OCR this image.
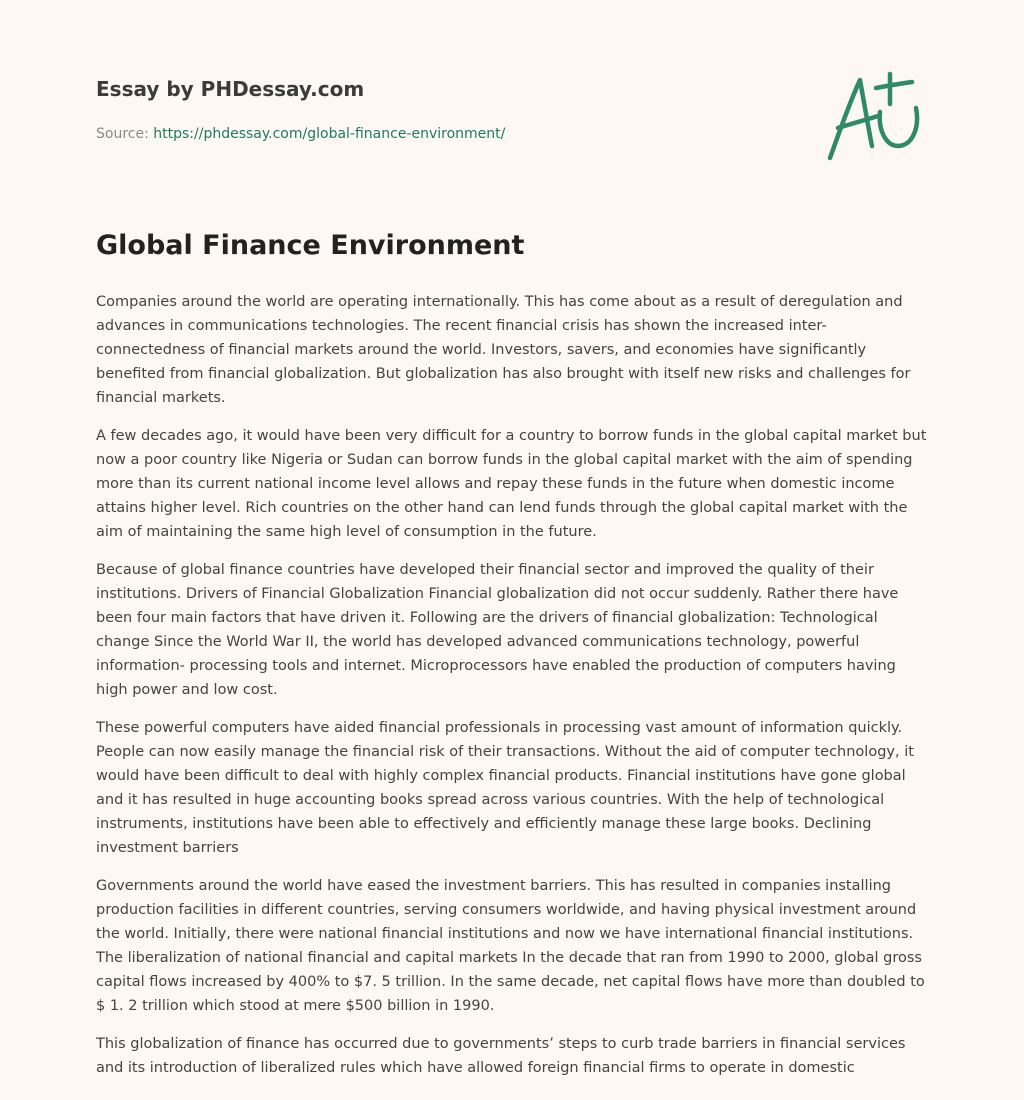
Essay by PHDessay.com
Source: https://phdessay.com/global-finance-environment/
Global Finance Environment

Companies around the world are operating internationally. This has come about as a result of deregulation and advances in communications technologies. The recent financial crisis has shown the increased inter-connectedness of financial markets around the world. Investors, savers, and economies have significantly benefited from financial globalization. But globalization has also brought with itself new risks and challenges for financial markets.

A few decades ago, it would have been very difficult for a country to borrow funds in the global capital market but now a poor country like Nigeria or Sudan can borrow funds in the global capital market with the aim of spending more than its current national income level allows and repay these funds in the future when domestic income attains higher level. Rich countries on the other hand can lend funds through the global capital market with the aim of maintaining the same high level of consumption in the future.

Because of global finance countries have developed their financial sector and improved the quality of their institutions. Drivers of Financial Globalization Financial globalization did not occur suddenly. Rather there have been four main factors that have driven it. Following are the drivers of financial globalization: Technological change Since the World War II, the world has developed advanced communications technology, powerful information- processing tools and internet. Microprocessors have enabled the production of computers having high power and low cost.

These powerful computers have aided financial professionals in processing vast amount of information quickly. People can now easily manage the financial risk of their transactions. Without the aid of computer technology, it would have been difficult to deal with highly complex financial products. Financial institutions have gone global and it has resulted in huge accounting books spread across various countries. With the help of technological instruments, institutions have been able to effectively and efficiently manage these large books. Declining investment barriers

Governments around the world have eased the investment barriers. This has resulted in companies installing production facilities in different countries, serving consumers worldwide, and having physical investment around the world. Initially, there were national financial institutions and now we have international financial institutions. The liberalization of national financial and capital markets In the decade that ran from 1990 to 2000, global gross capital flows increased by 400% to $7. 5 trillion. In the same decade, net capital flows have more than doubled to $ 1. 2 trillion which stood at mere $500 billion in 1990.

This globalization of finance has occurred due to governments’ steps to curb trade barriers in financial services and its introduction of liberalized rules which have allowed foreign financial firms to operate in domestic
